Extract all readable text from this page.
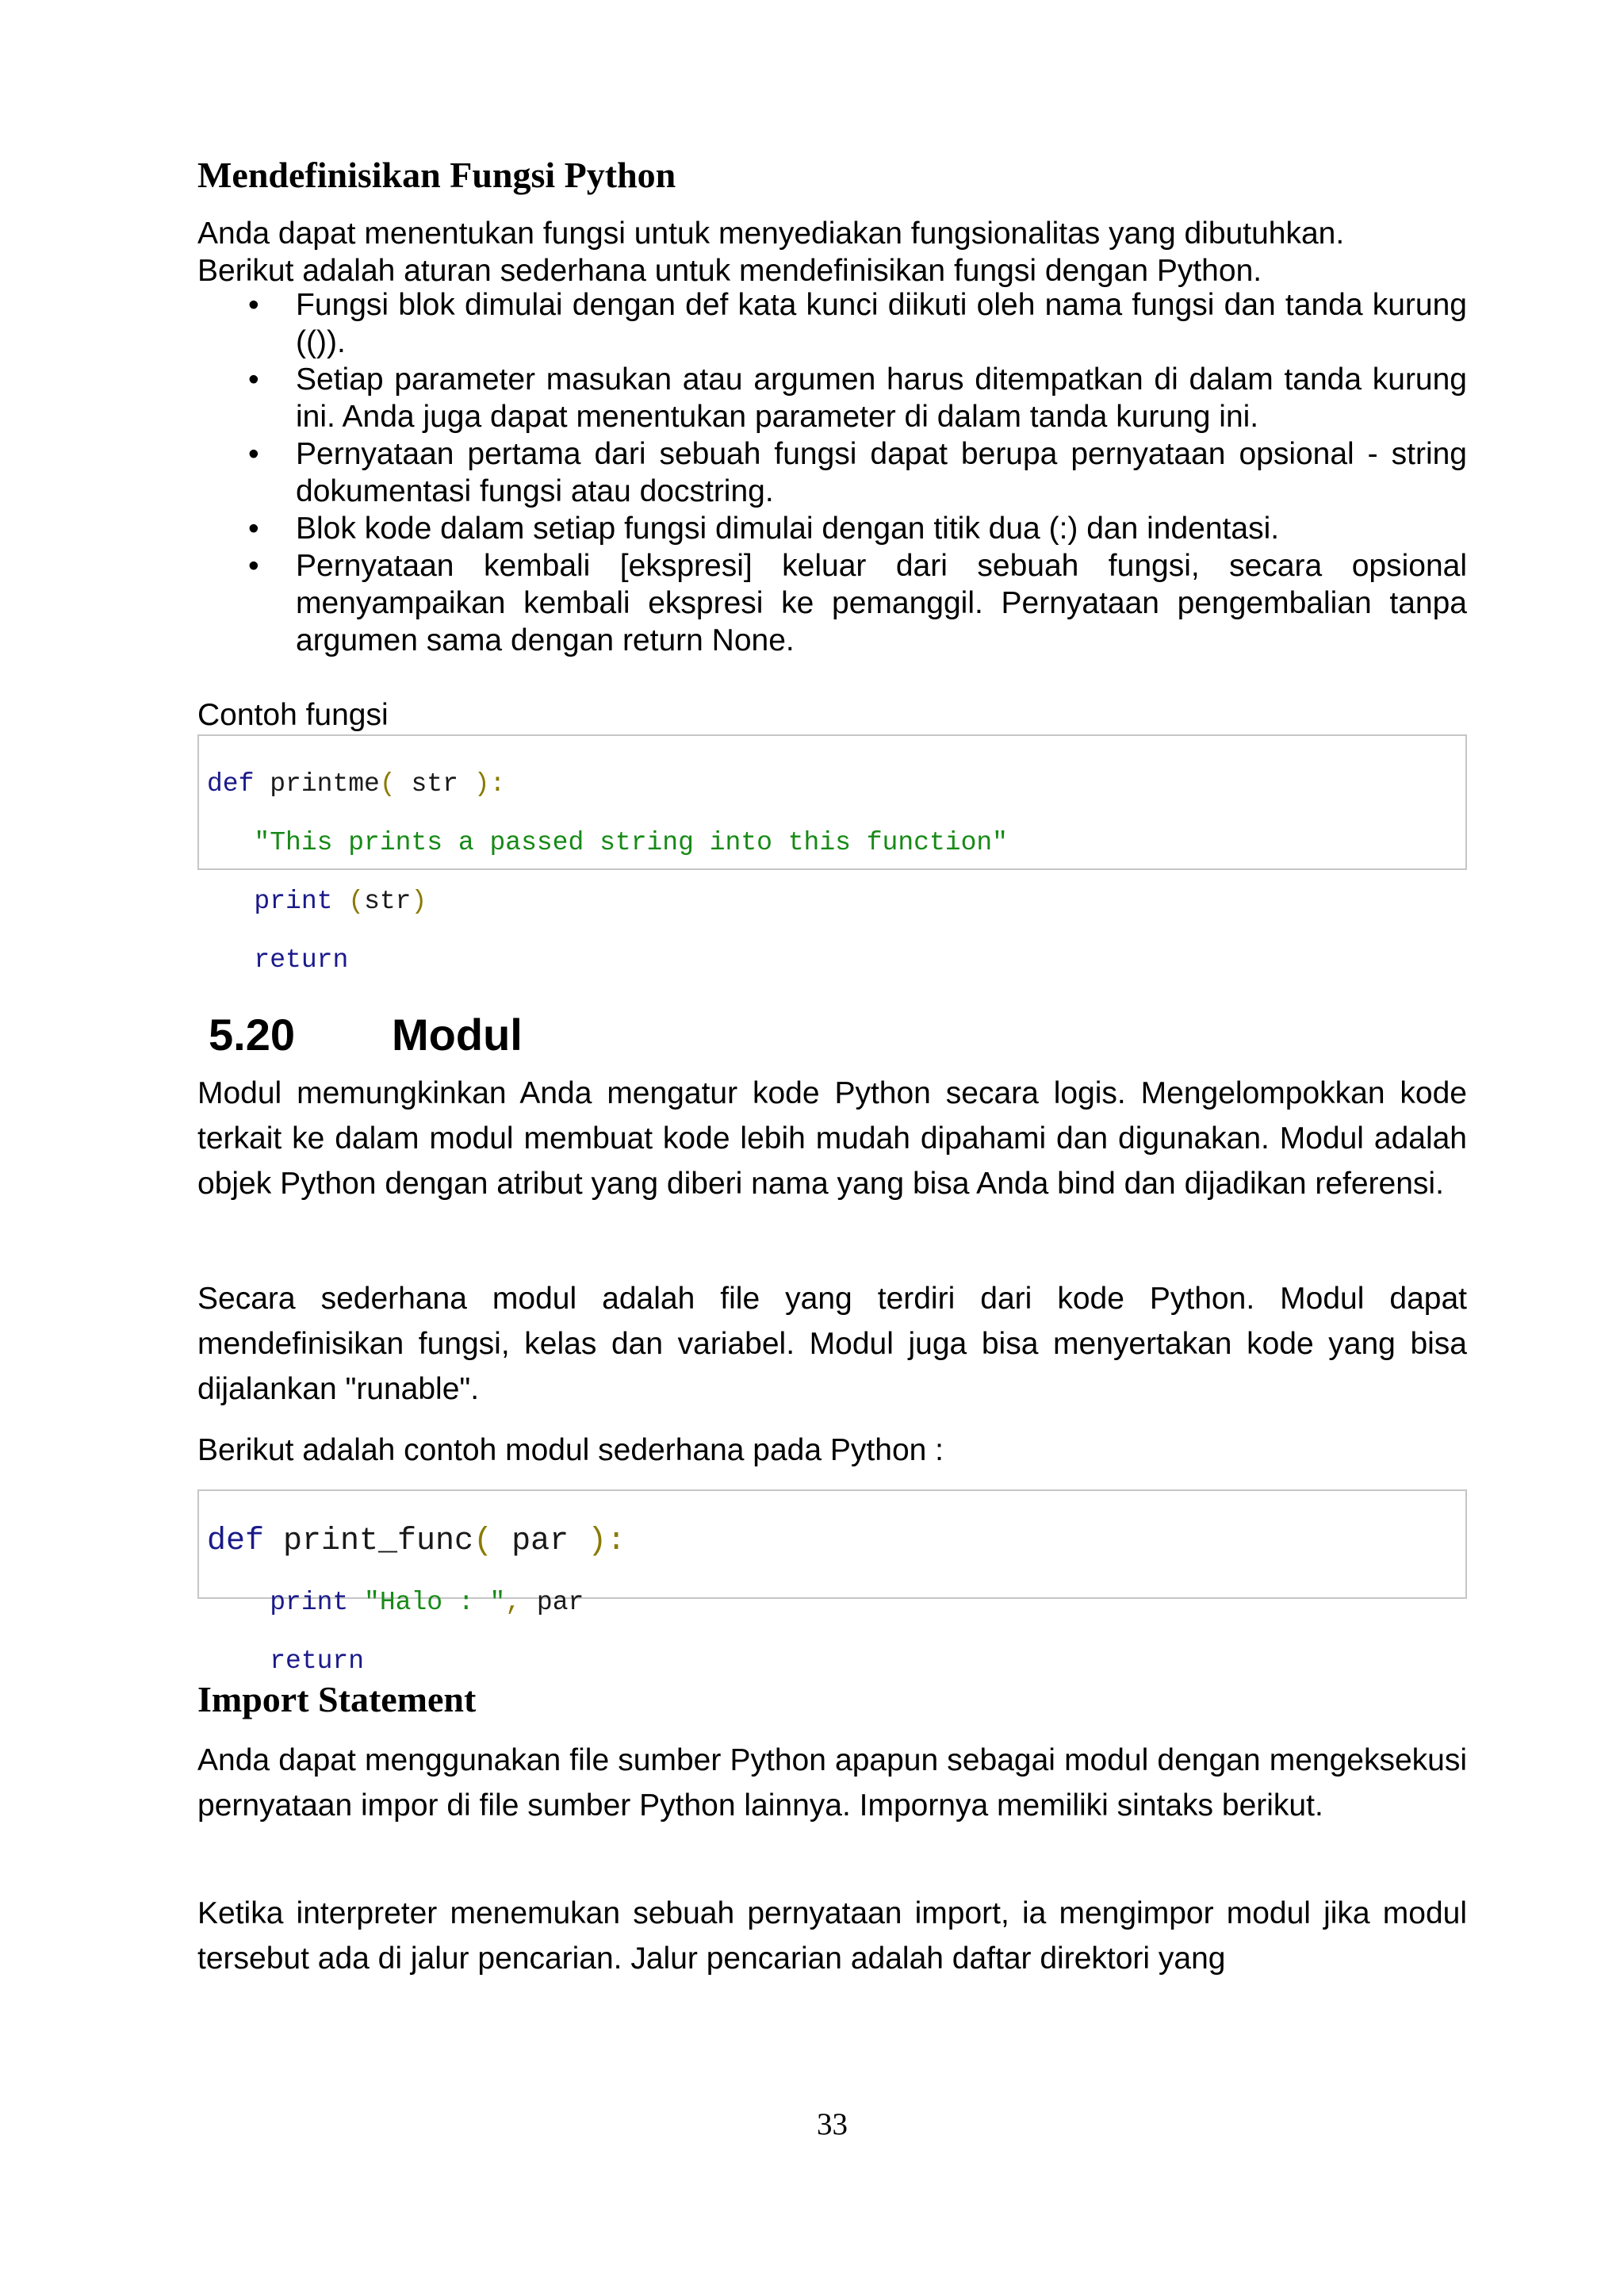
Mendefinisikan Fungsi Python

Anda dapat menentukan fungsi untuk menyediakan fungsionalitas yang dibutuhkan.

Berikut adalah aturan sederhana untuk mendefinisikan fungsi dengan Python.

• Fungsi blok dimulai dengan def kata kunci diikuti oleh nama fungsi dan tanda kurung (()).
• Setiap parameter masukan atau argumen harus ditempatkan di dalam tanda kurung ini. Anda juga dapat menentukan parameter di dalam tanda kurung ini.
• Pernyataan pertama dari sebuah fungsi dapat berupa pernyataan opsional - string dokumentasi fungsi atau docstring.
• Blok kode dalam setiap fungsi dimulai dengan titik dua (:) dan indentasi.
• Pernyataan kembali [ekspresi] keluar dari sebuah fungsi, secara opsional menyampaikan kembali ekspresi ke pemanggil. Pernyataan pengembalian tanpa argumen sama dengan return None.

Contoh fungsi

def printme( str ):

"This prints a passed string into this function"

print (str)

return

5.20 Modul

Modul memungkinkan Anda mengatur kode Python secara logis. Mengelompokkan kode terkait ke dalam modul membuat kode lebih mudah dipahami dan digunakan. Modul adalah objek Python dengan atribut yang diberi nama yang bisa Anda bind dan dijadikan referensi.

Secara sederhana modul adalah file yang terdiri dari kode Python. Modul dapat mendefinisikan fungsi, kelas dan variabel. Modul juga bisa menyertakan kode yang bisa dijalankan "runable".

Berikut adalah contoh modul sederhana pada Python :

def print_func( par ):

print "Halo : ", par

return

Import Statement

Anda dapat menggunakan file sumber Python apapun sebagai modul dengan mengeksekusi pernyataan impor di file sumber Python lainnya. Impornya memiliki sintaks berikut.

Ketika interpreter menemukan sebuah pernyataan import, ia mengimpor modul jika modul tersebut ada di jalur pencarian. Jalur pencarian adalah daftar direktori yang

33
